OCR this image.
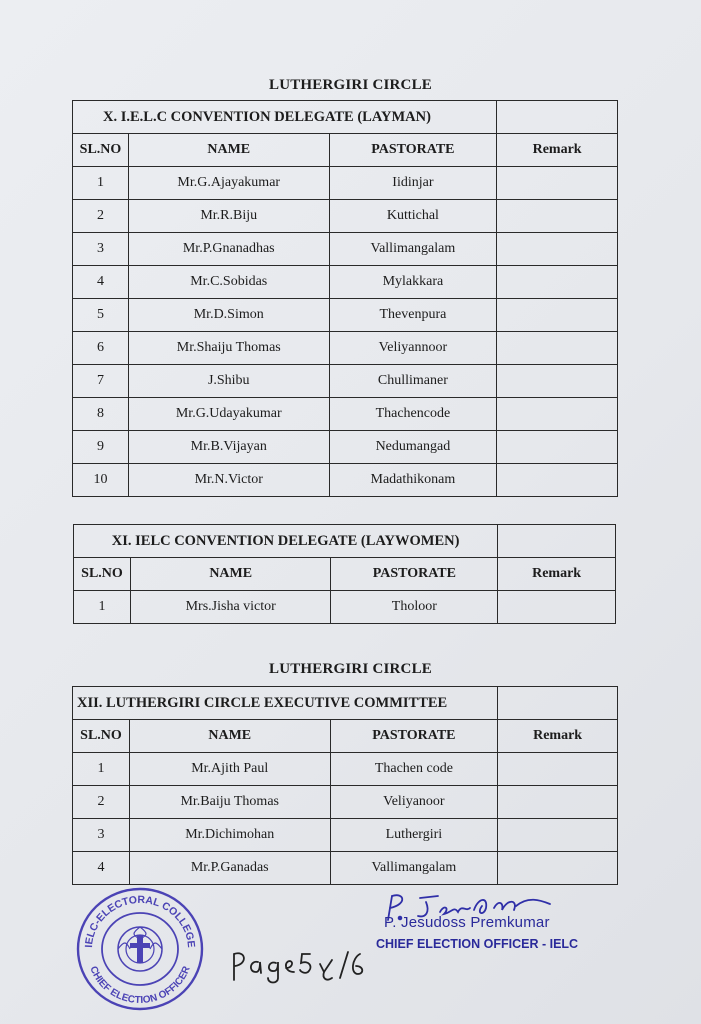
LUTHERGIRI CIRCLE
X. I.E.L.C CONVENTION DELEGATE (LAYMAN)			
SL.NO	NAME	PASTORATE	Remark
1	Mr.G.Ajayakumar	Iidinjar	
2	Mr.R.Biju	Kuttichal	
3	Mr.P.Gnanadhas	Vallimangalam	
4	Mr.C.Sobidas	Mylakkara	
5	Mr.D.Simon	Thevenpura	
6	Mr.Shaiju Thomas	Veliyannoor	
7	J.Shibu	Chullimaner	
8	Mr.G.Udayakumar	Thachencode	
9	Mr.B.Vijayan	Nedumangad	
10	Mr.N.Victor	Madathikonam	
XI. IELC CONVENTION DELEGATE (LAYWOMEN)			
SL.NO	NAME	PASTORATE	Remark
1	Mrs.Jisha victor	Tholoor	
LUTHERGIRI CIRCLE
XII. LUTHERGIRI CIRCLE EXECUTIVE COMMITTEE			
SL.NO	NAME	PASTORATE	Remark
1	Mr.Ajith Paul	Thachen code	
2	Mr.Baiju Thomas	Veliyanoor	
3	Mr.Dichimohan	Luthergiri	
4	Mr.P.Ganadas	Vallimangalam	
IELC-ELECTORAL COLLEGE
CHIEF ELECTION OFFICER
P. Jesudoss Premkumar
CHIEF ELECTION OFFICER - IELC
